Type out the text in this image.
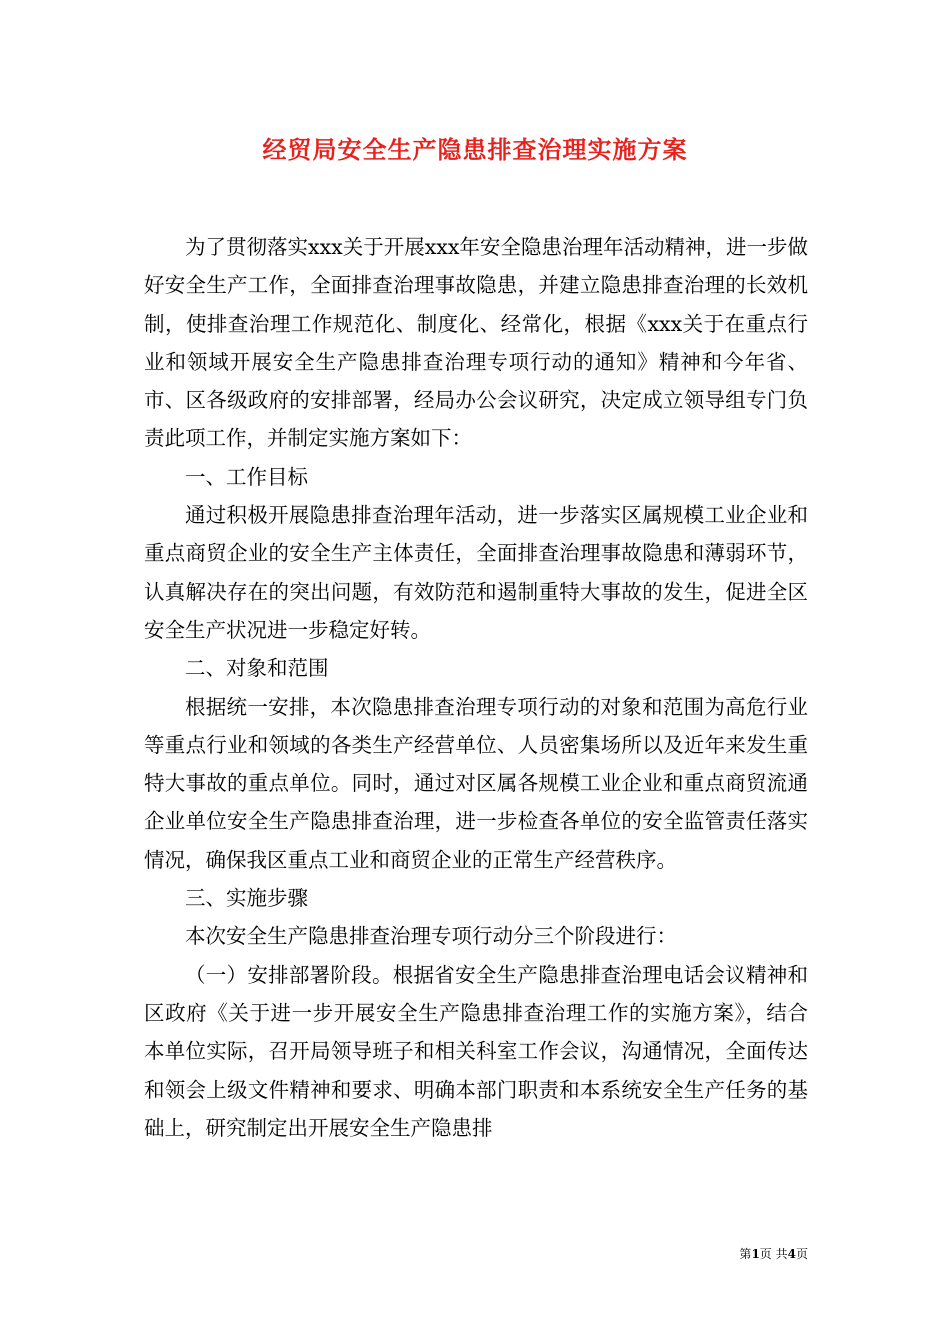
经贸局安全生产隐患排查治理实施方案

为了贯彻落实xxx关于开展xxx年安全隐患治理年活动精神，进一步做好安全生产工作，全面排查治理事故隐患，并建立隐患排查治理的长效机制，使排查治理工作规范化、制度化、经常化，根据《xxx关于在重点行业和领域开展安全生产隐患排查治理专项行动的通知》精神和今年省、市、区各级政府的安排部署，经局办公会议研究，决定成立领导组专门负责此项工作，并制定实施方案如下：

一、工作目标

通过积极开展隐患排查治理年活动，进一步落实区属规模工业企业和重点商贸企业的安全生产主体责任，全面排查治理事故隐患和薄弱环节，认真解决存在的突出问题，有效防范和遏制重特大事故的发生，促进全区安全生产状况进一步稳定好转。

二、对象和范围

根据统一安排，本次隐患排查治理专项行动的对象和范围为高危行业等重点行业和领域的各类生产经营单位、人员密集场所以及近年来发生重特大事故的重点单位。同时，通过对区属各规模工业企业和重点商贸流通企业单位安全生产隐患排查治理，进一步检查各单位的安全监管责任落实情况，确保我区重点工业和商贸企业的正常生产经营秩序。

三、实施步骤

本次安全生产隐患排查治理专项行动分三个阶段进行：

（一）安排部署阶段。根据省安全生产隐患排查治理电话会议精神和区政府《关于进一步开展安全生产隐患排查治理工作的实施方案》，结合本单位实际，召开局领导班子和相关科室工作会议，沟通情况，全面传达和领会上级文件精神和要求、明确本部门职责和本系统安全生产任务的基础上，研究制定出开展安全生产隐患排

第1页 共4页
